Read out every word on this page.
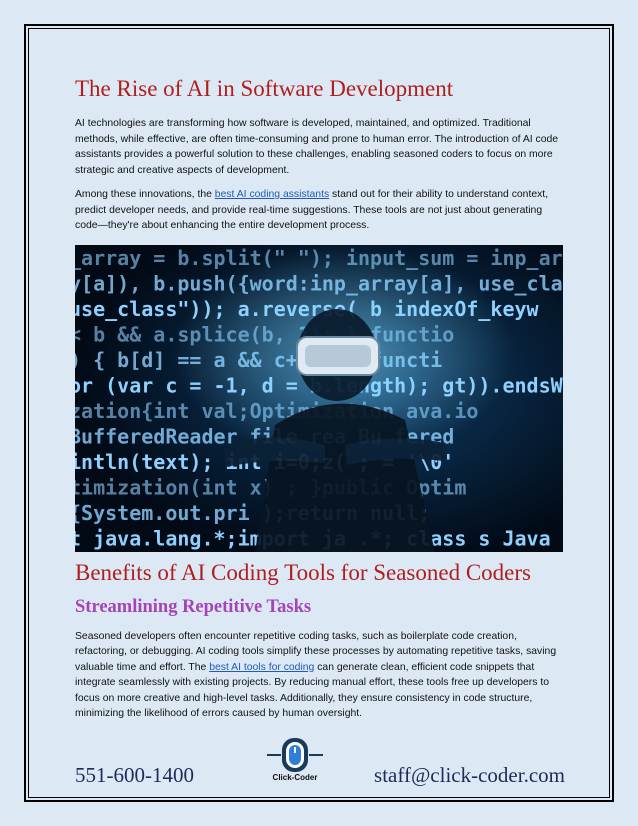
The Rise of AI in Software Development

AI technologies are transforming how software is developed, maintained, and optimized. Traditional methods, while effective, are often time-consuming and prone to human error. The introduction of AI code assistants provides a powerful solution to these challenges, enabling seasoned coders to focus on more strategic and creative aspects of development.

Among these innovations, the best AI coding assistants stand out for their ability to understand context, predict developer needs, and provide real-time suggestions. These tools are not just about generating code—they're about enhancing the entire development process.

Benefits of AI Coding Tools for Seasoned Coders
Streamlining Repetitive Tasks

Seasoned developers often encounter repetitive coding tasks, such as boilerplate code creation, refactoring, or debugging. AI coding tools simplify these processes by automating repetitive tasks, saving valuable time and effort. The best AI tools for coding can generate clean, efficient code snippets that integrate seamlessly with existing projects. By reducing manual effort, these tools free up developers to focus on more creative and high-level tasks. Additionally, they ensure consistency in code structure, minimizing the likelihood of errors caused by human oversight.

551-600-1400	Click-Coder	staff@click-coder.com
